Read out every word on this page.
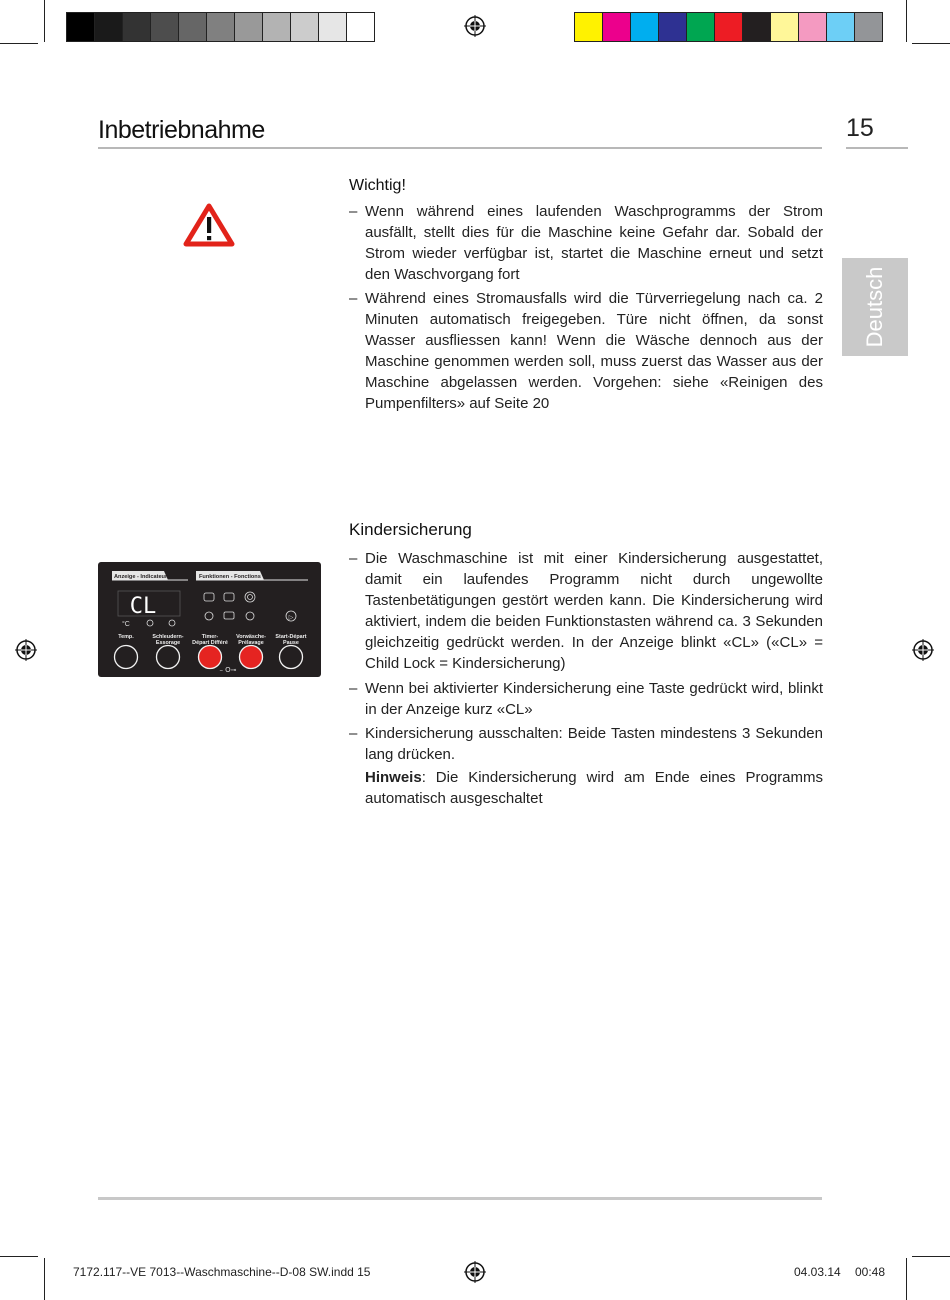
Inbetriebnahme	15
Deutsch
Wichtig!
– Wenn während eines laufenden Waschprogramms der Strom ausfällt, stellt dies für die Maschine keine Gefahr dar. Sobald der Strom wieder verfügbar ist, startet die Maschine erneut und setzt den Waschvorgang fort
– Während eines Stromausfalls wird die Türverriegelung nach ca. 2 Minuten automatisch freigegeben. Türe nicht öffnen, da sonst Wasser ausfliessen kann! Wenn die Wäsche dennoch aus der Maschine genommen werden soll, muss zuerst das Wasser aus der Maschine abgelassen werden. Vorgehen: siehe «Reinigen des Pumpenfilters» auf Seite 20
Kindersicherung
– Die Waschmaschine ist mit einer Kindersicherung ausgestattet, damit ein laufendes Programm nicht durch ungewollte Tastenbetätigungen gestört werden kann. Die Kindersicherung wird aktiviert, indem die beiden Funktionstasten während ca. 3 Sekunden gleichzeitig gedrückt werden. In der Anzeige blinkt «CL» («CL» = Child Lock = Kindersicherung)
– Wenn bei aktivierter Kindersicherung eine Taste gedrückt wird, blinkt in der Anzeige kurz «CL»
– Kindersicherung ausschalten: Beide Tasten mindestens 3 Sekunden lang drücken.
Hinweis: Die Kindersicherung wird am Ende eines Programms automatisch ausgeschaltet
Anzeige - Indicateur	Funktionen - Fonctions
CL
°C
▷
Temp.	Schleudern-
Essorage
Timer-
Départ Différé
Vorwäsche-
Prélavage
Start-Départ
Pause
– O⊸
7172.117--VE 7013--Waschmaschine--D-08 SW.indd 15	04.03.14 00:48
